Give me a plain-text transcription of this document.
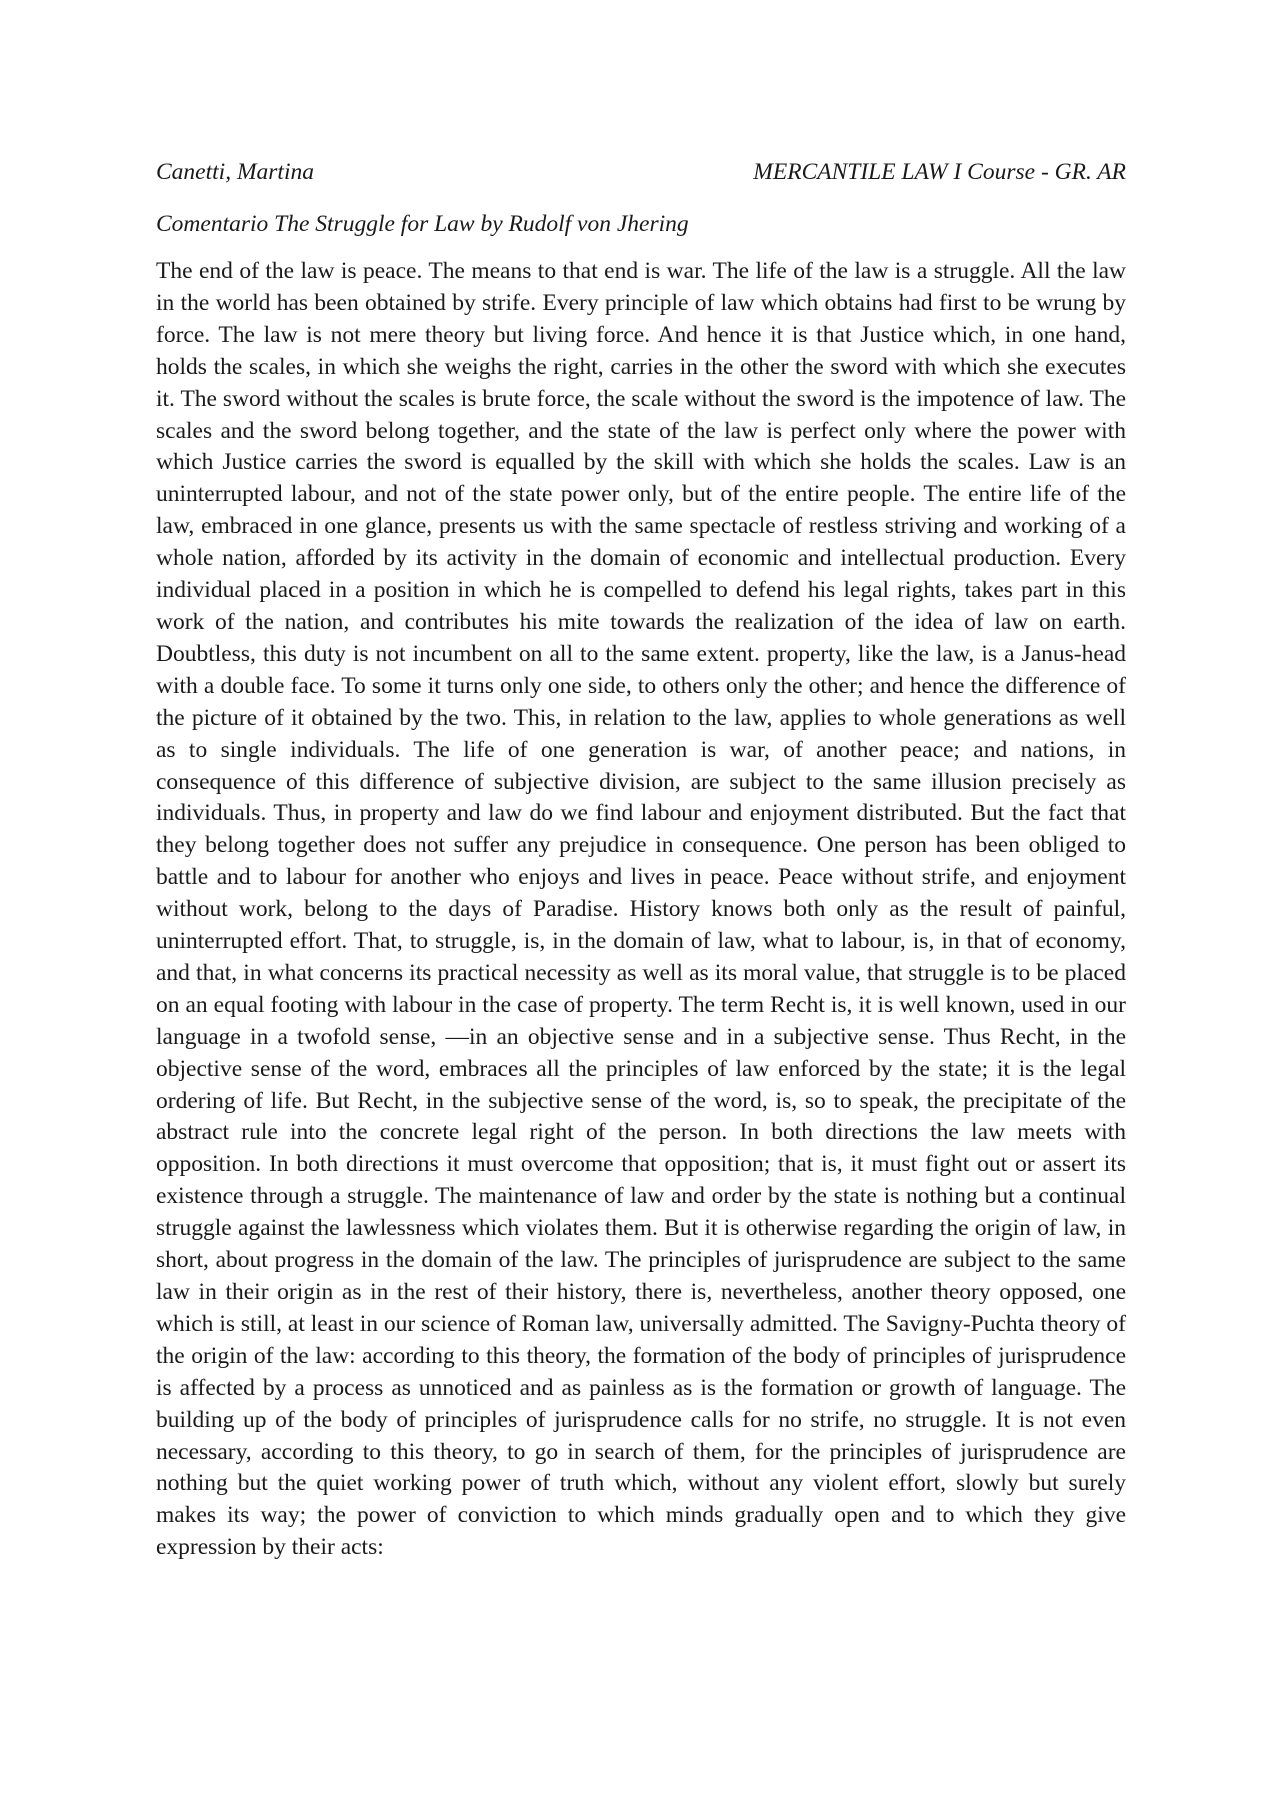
Canetti, Martina	MERCANTILE LAW I Course - GR. AR
Comentario The Struggle for Law by Rudolf von Jhering

The end of the law is peace. The means to that end is war. The life of the law is a struggle. All the law in the world has been obtained by strife. Every principle of law which obtains had first to be wrung by force. The law is not mere theory but living force. And hence it is that Justice which, in one hand, holds the scales, in which she weighs the right, carries in the other the sword with which she executes it. The sword without the scales is brute force, the scale without the sword is the impotence of law. The scales and the sword belong together, and the state of the law is perfect only where the power with which Justice carries the sword is equalled by the skill with which she holds the scales. Law is an uninterrupted labour, and not of the state power only, but of the entire people. The entire life of the law, embraced in one glance, presents us with the same spectacle of restless striving and working of a whole nation, afforded by its activity in the domain of economic and intellectual production. Every individual placed in a position in which he is compelled to defend his legal rights, takes part in this work of the nation, and contributes his mite towards the realization of the idea of law on earth. Doubtless, this duty is not incumbent on all to the same extent. property, like the law, is a Janus-head with a double face. To some it turns only one side, to others only the other; and hence the difference of the picture of it obtained by the two. This, in relation to the law, applies to whole generations as well as to single individuals. The life of one generation is war, of another peace; and nations, in consequence of this difference of subjective division, are subject to the same illusion precisely as individuals. Thus, in property and law do we find labour and enjoyment distributed. But the fact that they belong together does not suffer any prejudice in consequence. One person has been obliged to battle and to labour for another who enjoys and lives in peace. Peace without strife, and enjoyment without work, belong to the days of Paradise. History knows both only as the result of painful, uninterrupted effort. That, to struggle, is, in the domain of law, what to labour, is, in that of economy, and that, in what concerns its practical necessity as well as its moral value, that struggle is to be placed on an equal footing with labour in the case of property. The term Recht is, it is well known, used in our language in a twofold sense, —in an objective sense and in a subjective sense. Thus Recht, in the objective sense of the word, embraces all the principles of law enforced by the state; it is the legal ordering of life. But Recht, in the subjective sense of the word, is, so to speak, the precipitate of the abstract rule into the concrete legal right of the person. In both directions the law meets with opposition. In both directions it must overcome that opposition; that is, it must fight out or assert its existence through a struggle. The maintenance of law and order by the state is nothing but a continual struggle against the lawlessness which violates them. But it is otherwise regarding the origin of law, in short, about progress in the domain of the law. The principles of jurisprudence are subject to the same law in their origin as in the rest of their history, there is, nevertheless, another theory opposed, one which is still, at least in our science of Roman law, universally admitted. The Savigny-Puchta theory of the origin of the law: according to this theory, the formation of the body of principles of jurisprudence is affected by a process as unnoticed and as painless as is the formation or growth of language. The building up of the body of principles of jurisprudence calls for no strife, no struggle. It is not even necessary, according to this theory, to go in search of them, for the principles of jurisprudence are nothing but the quiet working power of truth which, without any violent effort, slowly but surely makes its way; the power of conviction to which minds gradually open and to which they give expression by their acts:
